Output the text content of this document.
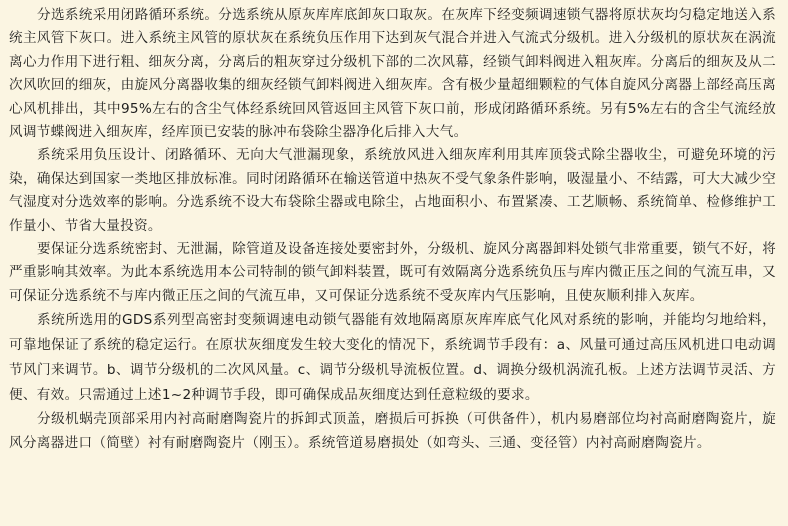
分选系统采用闭路循环系统。分选系统从原灰库库底卸灰口取灰。在灰库下经变频调速锁气器将原状灰均匀稳定地送入系统主风管下灰口。进入系统主风管的原状灰在系统负压作用下达到灰气混合并进入气流式分级机。进入分级机的原状灰在涡流离心力作用下进行粗、细灰分离，分离后的粗灰穿过分级机下部的二次风幕，经锁气卸料阀进入粗灰库。分离后的细灰及从二次风吹回的细灰，由旋风分离器收集的细灰经锁气卸料阀进入细灰库。含有极少量超细颗粒的气体自旋风分离器上部经高压离心风机排出，其中95%左右的含尘气体经系统回风管返回主风管下灰口前，形成闭路循环系统。另有5%左右的含尘气流经放风调节蝶阀进入细灰库，经库顶已安装的脉冲布袋除尘器净化后排入大气。

系统采用负压设计、闭路循环、无向大气泄漏现象，系统放风进入细灰库利用其库顶袋式除尘器收尘，可避免环境的污染，确保达到国家一类地区排放标准。同时闭路循环在输送管道中热灰不受气象条件影响，吸湿量小、不结露，可大大减少空气湿度对分选效率的影响。分选系统不设大布袋除尘器或电除尘，占地面积小、布置紧凑、工艺顺畅、系统简单、检修维护工作量小、节省大量投资。

要保证分选系统密封、无泄漏，除管道及设备连接处要密封外，分级机、旋风分离器卸料处锁气非常重要，锁气不好，将严重影响其效率。为此本系统选用本公司特制的锁气卸料装置，既可有效隔离分选系统负压与库内微正压之间的气流互串，又可保证分选系统不与库内微正压之间的气流互串，又可保证分选系统不受灰库内气压影响，且使灰顺利排入灰库。

系统所选用的GDS系列型高密封变频调速电动锁气器能有效地隔离原灰库库底气化风对系统的影响，并能均匀地给料，可靠地保证了系统的稳定运行。在原状灰细度发生较大变化的情况下，系统调节手段有：a、风量可通过高压风机进口电动调节风门来调节。b、调节分级机的二次风风量。c、调节分级机导流板位置。d、调换分级机涡流孔板。上述方法调节灵活、方便、有效。只需通过上述1~2种调节手段，即可确保成品灰细度达到任意粒级的要求。

分级机蜗壳顶部采用内衬高耐磨陶瓷片的拆卸式顶盖，磨损后可拆换（可供备件），机内易磨部位均衬高耐磨陶瓷片，旋风分离器进口（简壁）衬有耐磨陶瓷片（刚玉）。系统管道易磨损处（如弯头、三通、变径管）内衬高耐磨陶瓷片。
